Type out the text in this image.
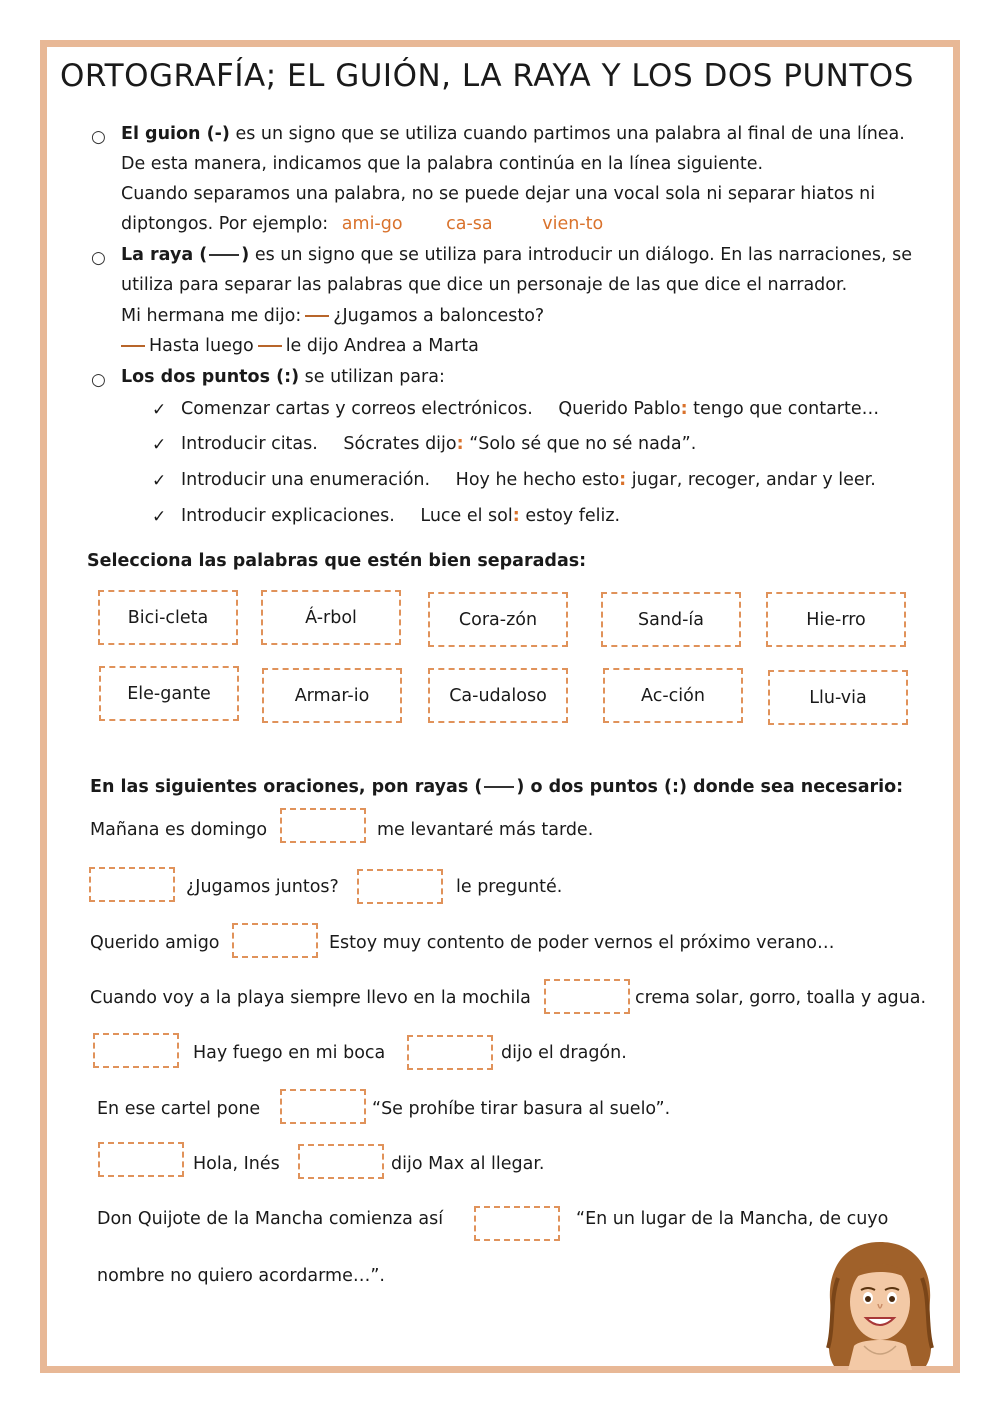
ORTOGRAFÍA; EL GUIÓN, LA RAYA Y LOS DOS PUNTOS
○ El guion (-) es un signo que se utiliza cuando partimos una palabra al final de una línea.
De esta manera, indicamos que la palabra continúa en la línea siguiente.
Cuando separamos una palabra, no se puede dejar una vocal sola ni separar hiatos ni
diptongos. Por ejemplo: ami-go ca-sa	vien-to
○ La raya ( ) es un signo que se utiliza para introducir un diálogo. En las narraciones, se
utiliza para separar las palabras que dice un personaje de las que dice el narrador.
Mi hermana me dijo: ¿Jugamos a baloncesto?
Hasta luego le dijo Andrea a Marta
○ Los dos puntos (:) se utilizan para:
✓ Comenzar cartas y correos electrónicos. Querido Pablo: tengo que contarte…
✓ Introducir citas. Sócrates dijo: “Solo sé que no sé nada”.
✓ Introducir una enumeración. Hoy he hecho esto: jugar, recoger, andar y leer.
✓ Introducir explicaciones. Luce el sol: estoy feliz.
Selecciona las palabras que estén bien separadas:
Bici-cleta	Á-rbol	Cora-zón	Sand-ía	Hie-rro
Ele-gante	Armar-io	Ca-udaloso	Ac-ción	Llu-via
En las siguientes oraciones, pon rayas ( ) o dos puntos (:) donde sea necesario:
Mañana es domingo	me levantaré más tarde.
¿Jugamos juntos?	le pregunté.
Querido amigo	Estoy muy contento de poder vernos el próximo verano…
Cuando voy a la playa siempre llevo en la mochila	crema solar, gorro, toalla y agua.
Hay fuego en mi boca	dijo el dragón.
En ese cartel pone	“Se prohíbe tirar basura al suelo”.
Hola, Inés	dijo Max al llegar.
Don Quijote de la Mancha comienza así	“En un lugar de la Mancha, de cuyo
nombre no quiero acordarme…”.
